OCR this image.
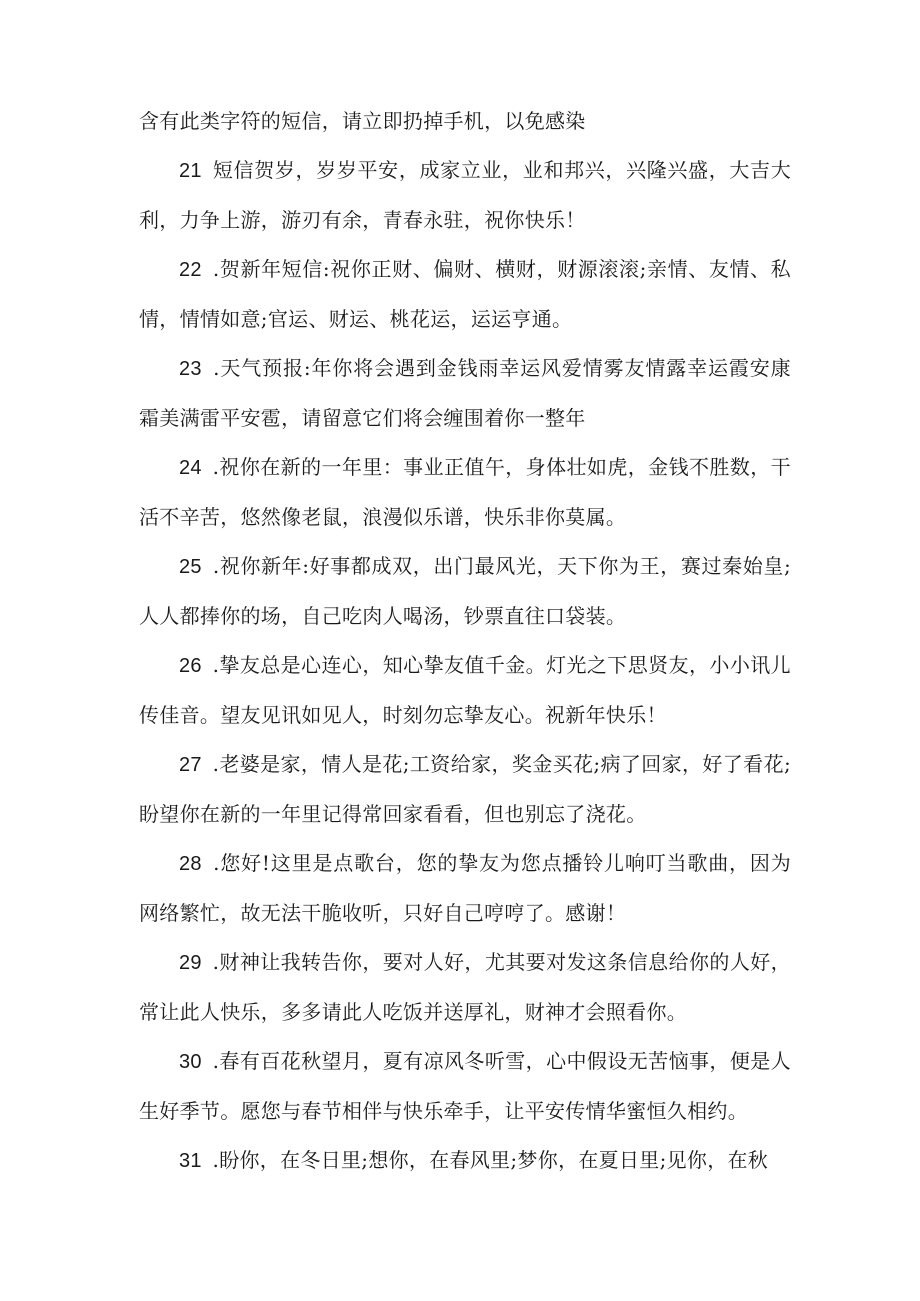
含有此类字符的短信，请立即扔掉手机，以免感染

21 短信贺岁，岁岁平安，成家立业，业和邦兴，兴隆兴盛，大吉大利，力争上游，游刃有余，青春永驻，祝你快乐！

22 .贺新年短信:祝你正财、偏财、横财，财源滚滚;亲情、友情、私情，情情如意;官运、财运、桃花运，运运亨通。

23 .天气预报:年你将会遇到金钱雨幸运风爱情雾友情露幸运霞安康霜美满雷平安雹，请留意它们将会缠围着你一整年

24 .祝你在新的一年里：事业正值午，身体壮如虎，金钱不胜数，干活不辛苦，悠然像老鼠，浪漫似乐谱，快乐非你莫属。

25 .祝你新年:好事都成双，出门最风光，天下你为王，赛过秦始皇;人人都捧你的场，自己吃肉人喝汤，钞票直往口袋装。

26 .挚友总是心连心，知心挚友值千金。灯光之下思贤友，小小讯儿传佳音。望友见讯如见人，时刻勿忘挚友心。祝新年快乐！

27 .老婆是家，情人是花;工资给家，奖金买花;病了回家，好了看花;盼望你在新的一年里记得常回家看看，但也别忘了浇花。

28 .您好!这里是点歌台，您的挚友为您点播铃儿响叮当歌曲，因为网络繁忙，故无法干脆收听，只好自己哼哼了。感谢！

29 .财神让我转告你，要对人好，尤其要对发这条信息给你的人好，常让此人快乐，多多请此人吃饭并送厚礼，财神才会照看你。

30 .春有百花秋望月，夏有凉风冬听雪，心中假设无苦恼事，便是人生好季节。愿您与春节相伴与快乐牵手，让平安传情华蜜恒久相约。

31 .盼你，在冬日里;想你，在春风里;梦你，在夏日里;见你，在秋
